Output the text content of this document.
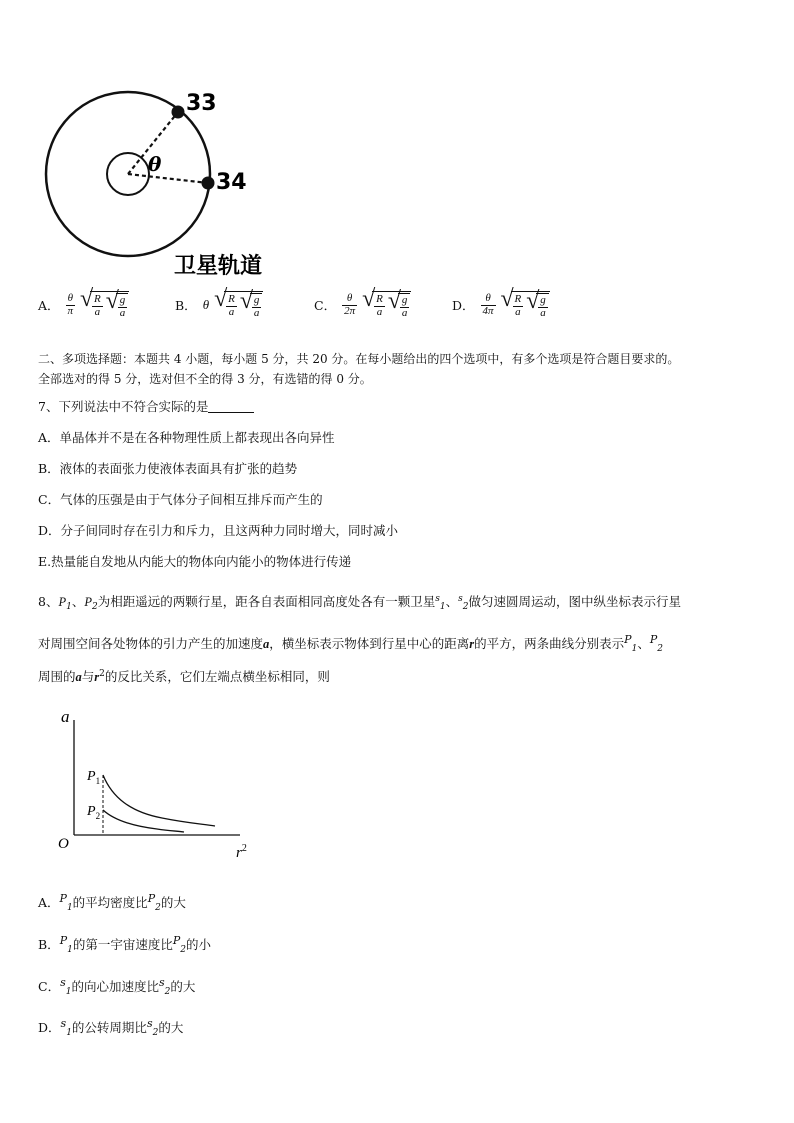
33
34
θ
卫星轨道
A． $\frac{\theta}{\pi}$ √ $\frac{R}{a}$
√ $\frac{g}{a}$	B． θ √ $\frac{R}{a}$
√ $\frac{g}{a}$	C． $\frac{\theta}{2\pi}$ √ $\frac{R}{a}$
√ $\frac{g}{a}$	D． $\frac{\theta}{4\pi}$ √ $\frac{R}{a}$
√ $\frac{g}{a}$
二、多项选择题：本题共 4 小题，每小题 5 分，共 20 分。在每小题给出的四个选项中，有多个选项是符合题目要求的。
全部选对的得 5 分，选对但不全的得 3 分，有选错的得 0 分。
7、下列说法中不符合实际的是
A．单晶体并不是在各种物理性质上都表现出各向异性
B．液体的表面张力使液体表面具有扩张的趋势
C．气体的压强是由于气体分子间相互排斥而产生的
D．分子间同时存在引力和斥力，且这两种力同时增大，同时减小
E.热量能自发地从内能大的物体向内能小的物体进行传递
8、$P_1$、$P_2$为相距遥远的两颗行星，距各自表面相同高度处各有一颗卫星$^s_1$、$^s_2$做匀速圆周运动，图中纵坐标表示行星
对周围空间各处物体的引力产生的加速度a，横坐标表示物体到行星中心的距离r的平方，两条曲线分别表示$P_1$、$P_2$
周围的a与$r^2$的反比关系，它们左端点横坐标相同，则
a
O
$r^2$
$P_1$
$P_2$
A．$P_1$的平均密度比$P_2$的大
B．$P_1$的第一宇宙速度比$P_2$的小
C．$s_1$的向心加速度比$s_2$的大
D．$s_1$的公转周期比$s_2$的大
